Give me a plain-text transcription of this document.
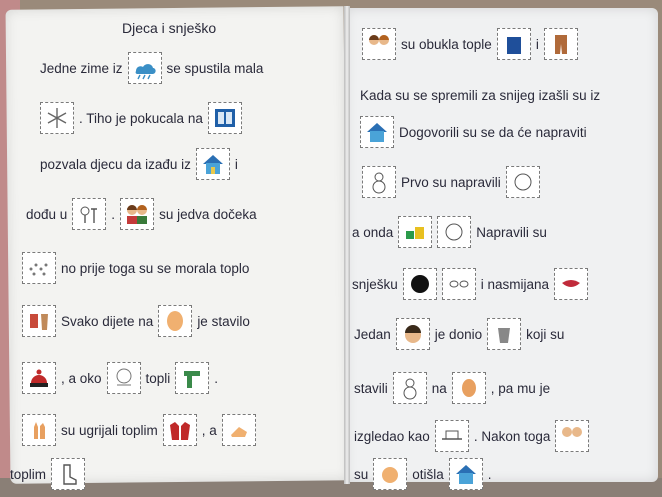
Djeca i snješko
Jedne zime iz	se spustila mala
. Tiho je pokucala na
pozvala djecu da izađu iz	i
dođu u	.	su jedva dočeka
no prije toga su se morala toplo
Svako dijete na	je stavilo
, a oko	topli	.
su ugrijali toplim	, a
toplim
su obukla tople	i
Kada su se spremili za snijeg izašli su iz
Dogovorili su se da će napraviti
Prvo su napravili
a onda	Napravili su
snješku	i nasmijana
Jedan	je donio	koji su
stavili	na	, pa mu je
izgledao kao	. Nakon toga
su	otišla	.
